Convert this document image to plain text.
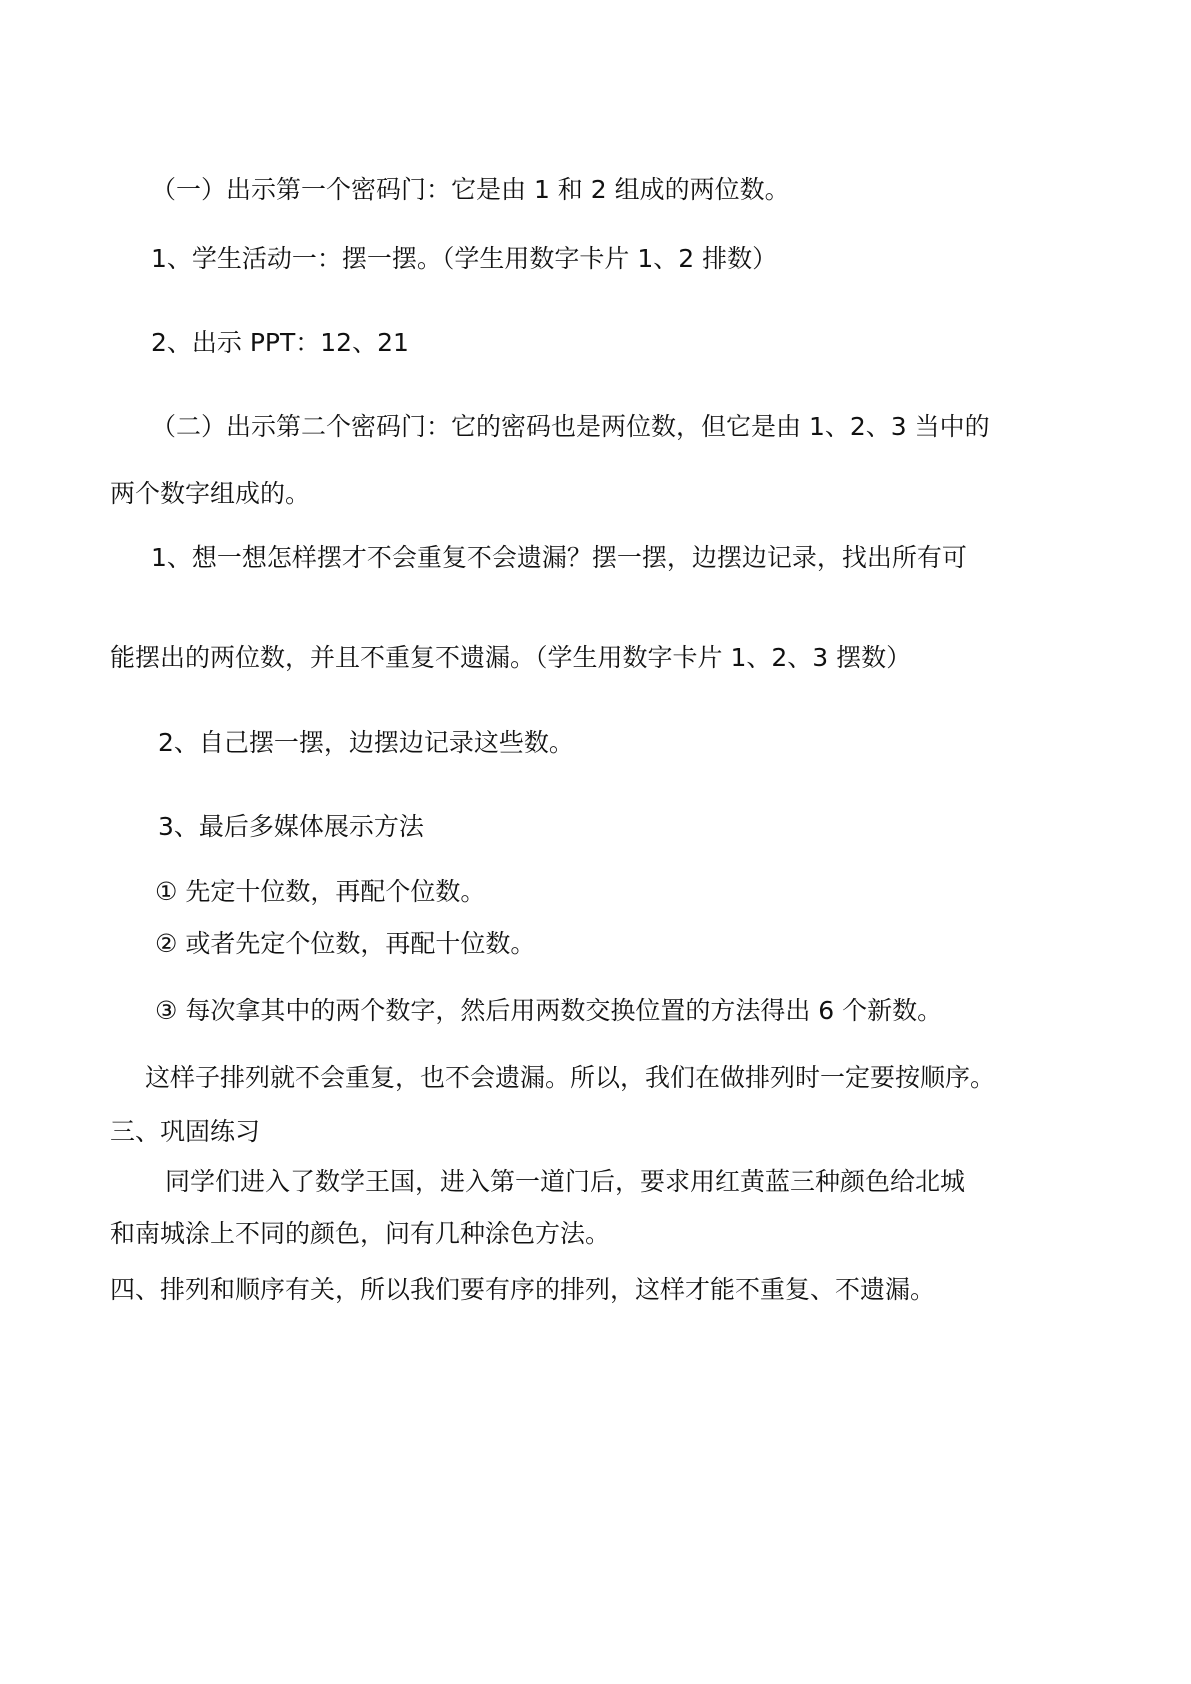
（一）出示第一个密码门：它是由 1 和 2 组成的两位数。

1、学生活动一：摆一摆。（学生用数字卡片 1、2 排数）

2、出示 PPT：12、21

（二）出示第二个密码门：它的密码也是两位数，但它是由 1、2、3 当中的

两个数字组成的。

1、想一想怎样摆才不会重复不会遗漏？摆一摆，边摆边记录，找出所有可

能摆出的两位数，并且不重复不遗漏。（学生用数字卡片 1、2、3 摆数）

2、自己摆一摆，边摆边记录这些数。

3、最后多媒体展示方法

① 先定十位数，再配个位数。

② 或者先定个位数，再配十位数。

③ 每次拿其中的两个数字，然后用两数交换位置的方法得出 6 个新数。

这样子排列就不会重复，也不会遗漏。所以，我们在做排列时一定要按顺序。

三、巩固练习

同学们进入了数学王国，进入第一道门后，要求用红黄蓝三种颜色给北城

和南城涂上不同的颜色，问有几种涂色方法。

四、排列和顺序有关，所以我们要有序的排列，这样才能不重复、不遗漏。
